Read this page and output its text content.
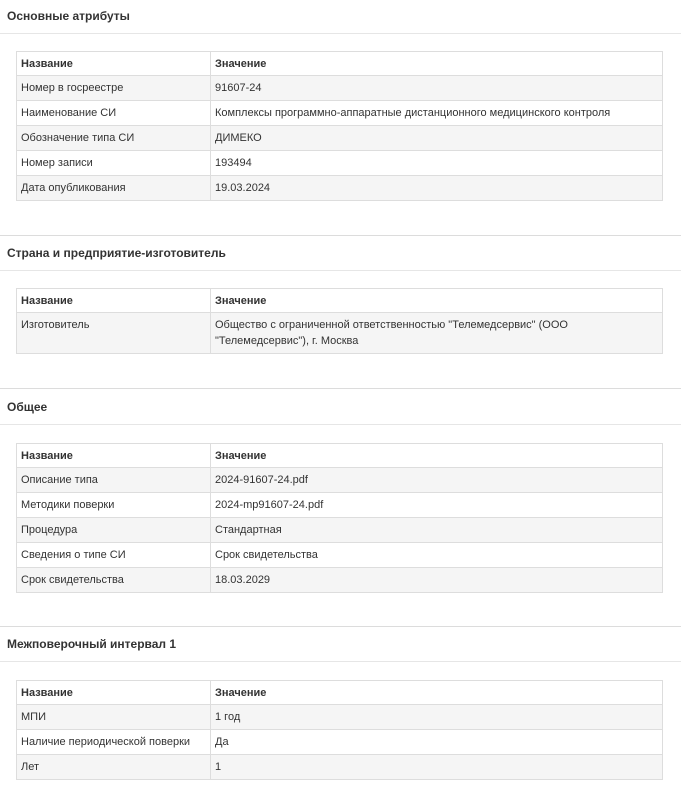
Основные атрибуты
Название	Значение
Номер в госреестре	91607-24
Наименование СИ	Комплексы программно-аппаратные дистанционного медицинского контроля
Обозначение типа СИ	ДИМЕКО
Номер записи	193494
Дата опубликования	19.03.2024
Страна и предприятие-изготовитель
Название	Значение
Изготовитель	Общество с ограниченной ответственностью "Телемедсервис" (ООО "Телемедсервис"), г. Москва
Общее
Название	Значение
Описание типа	2024-91607-24.pdf
Методики поверки	2024-mp91607-24.pdf
Процедура	Стандартная
Сведения о типе СИ	Срок свидетельства
Срок свидетельства	18.03.2029
Межповерочный интервал 1
Название	Значение
МПИ	1 год
Наличие периодической поверки	Да
Лет	1
